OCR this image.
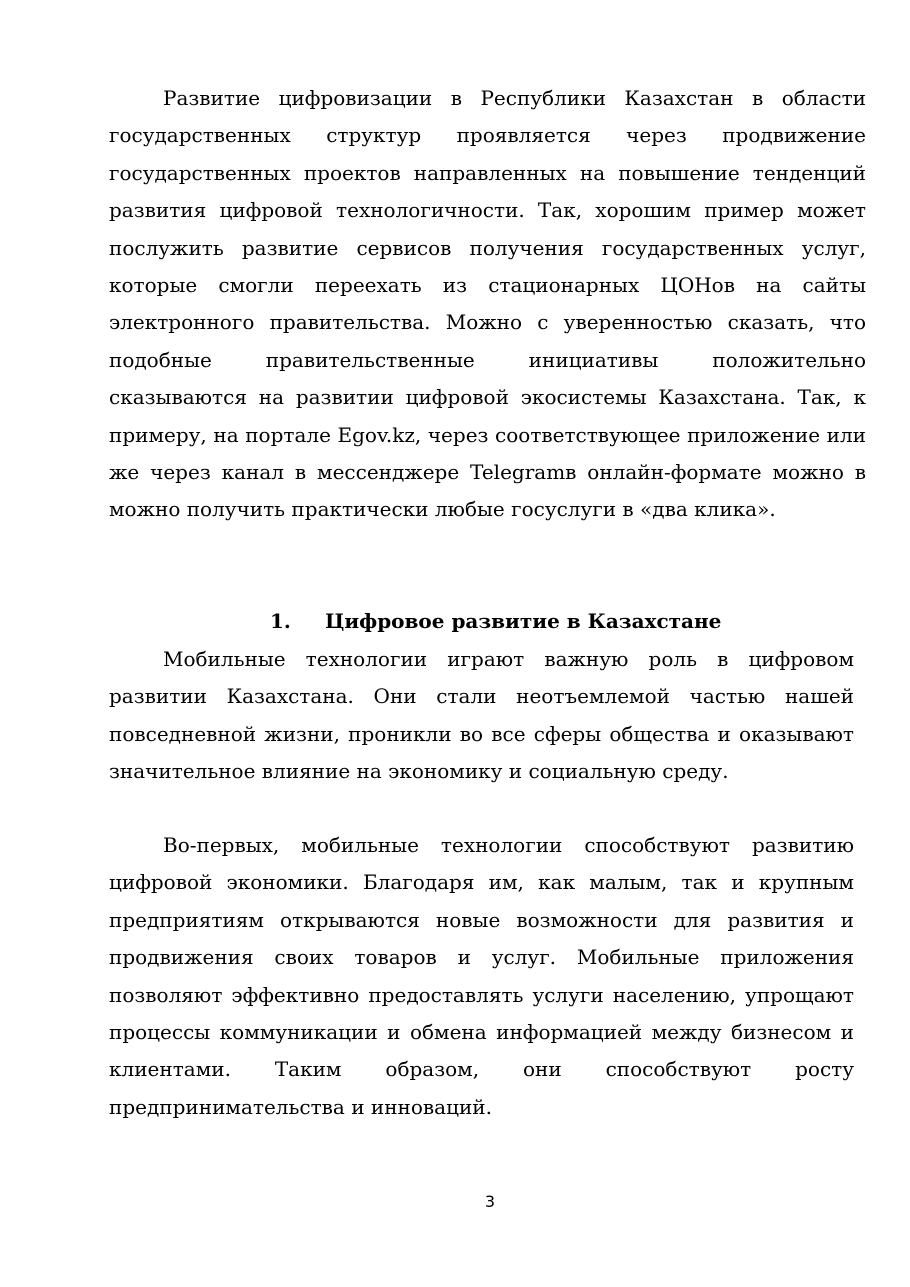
Развитие цифровизации в Республики Казахстан в области государственных структур проявляется через продвижение государственных проектов направленных на повышение тенденций развития цифровой технологичности. Так, хорошим пример может послужить развитие сервисов получения государственных услуг, которые смогли переехать из стационарных ЦОНов на сайты электронного правительства. Можно с уверенностью сказать, что подобные правительственные инициативы положительно сказываются на развитии цифровой экосистемы Казахстана. Так, к примеру, на портале Egov.kz, через соответствующее приложение или же через канал в мессенджере Telegramв онлайн-формате можно в можно получить практически любые госуслуги в «два клика».

1. Цифровое развитие в Казахстане

Мобильные технологии играют важную роль в цифровом развитии Казахстана. Они стали неотъемлемой частью нашей повседневной жизни, проникли во все сферы общества и оказывают значительное влияние на экономику и социальную среду.

Во-первых, мобильные технологии способствуют развитию цифровой экономики. Благодаря им, как малым, так и крупным предприятиям открываются новые возможности для развития и продвижения своих товаров и услуг. Мобильные приложения позволяют эффективно предоставлять услуги населению, упрощают процессы коммуникации и обмена информацией между бизнесом и клиентами. Таким образом, они способствуют росту предпринимательства и инноваций.

3
